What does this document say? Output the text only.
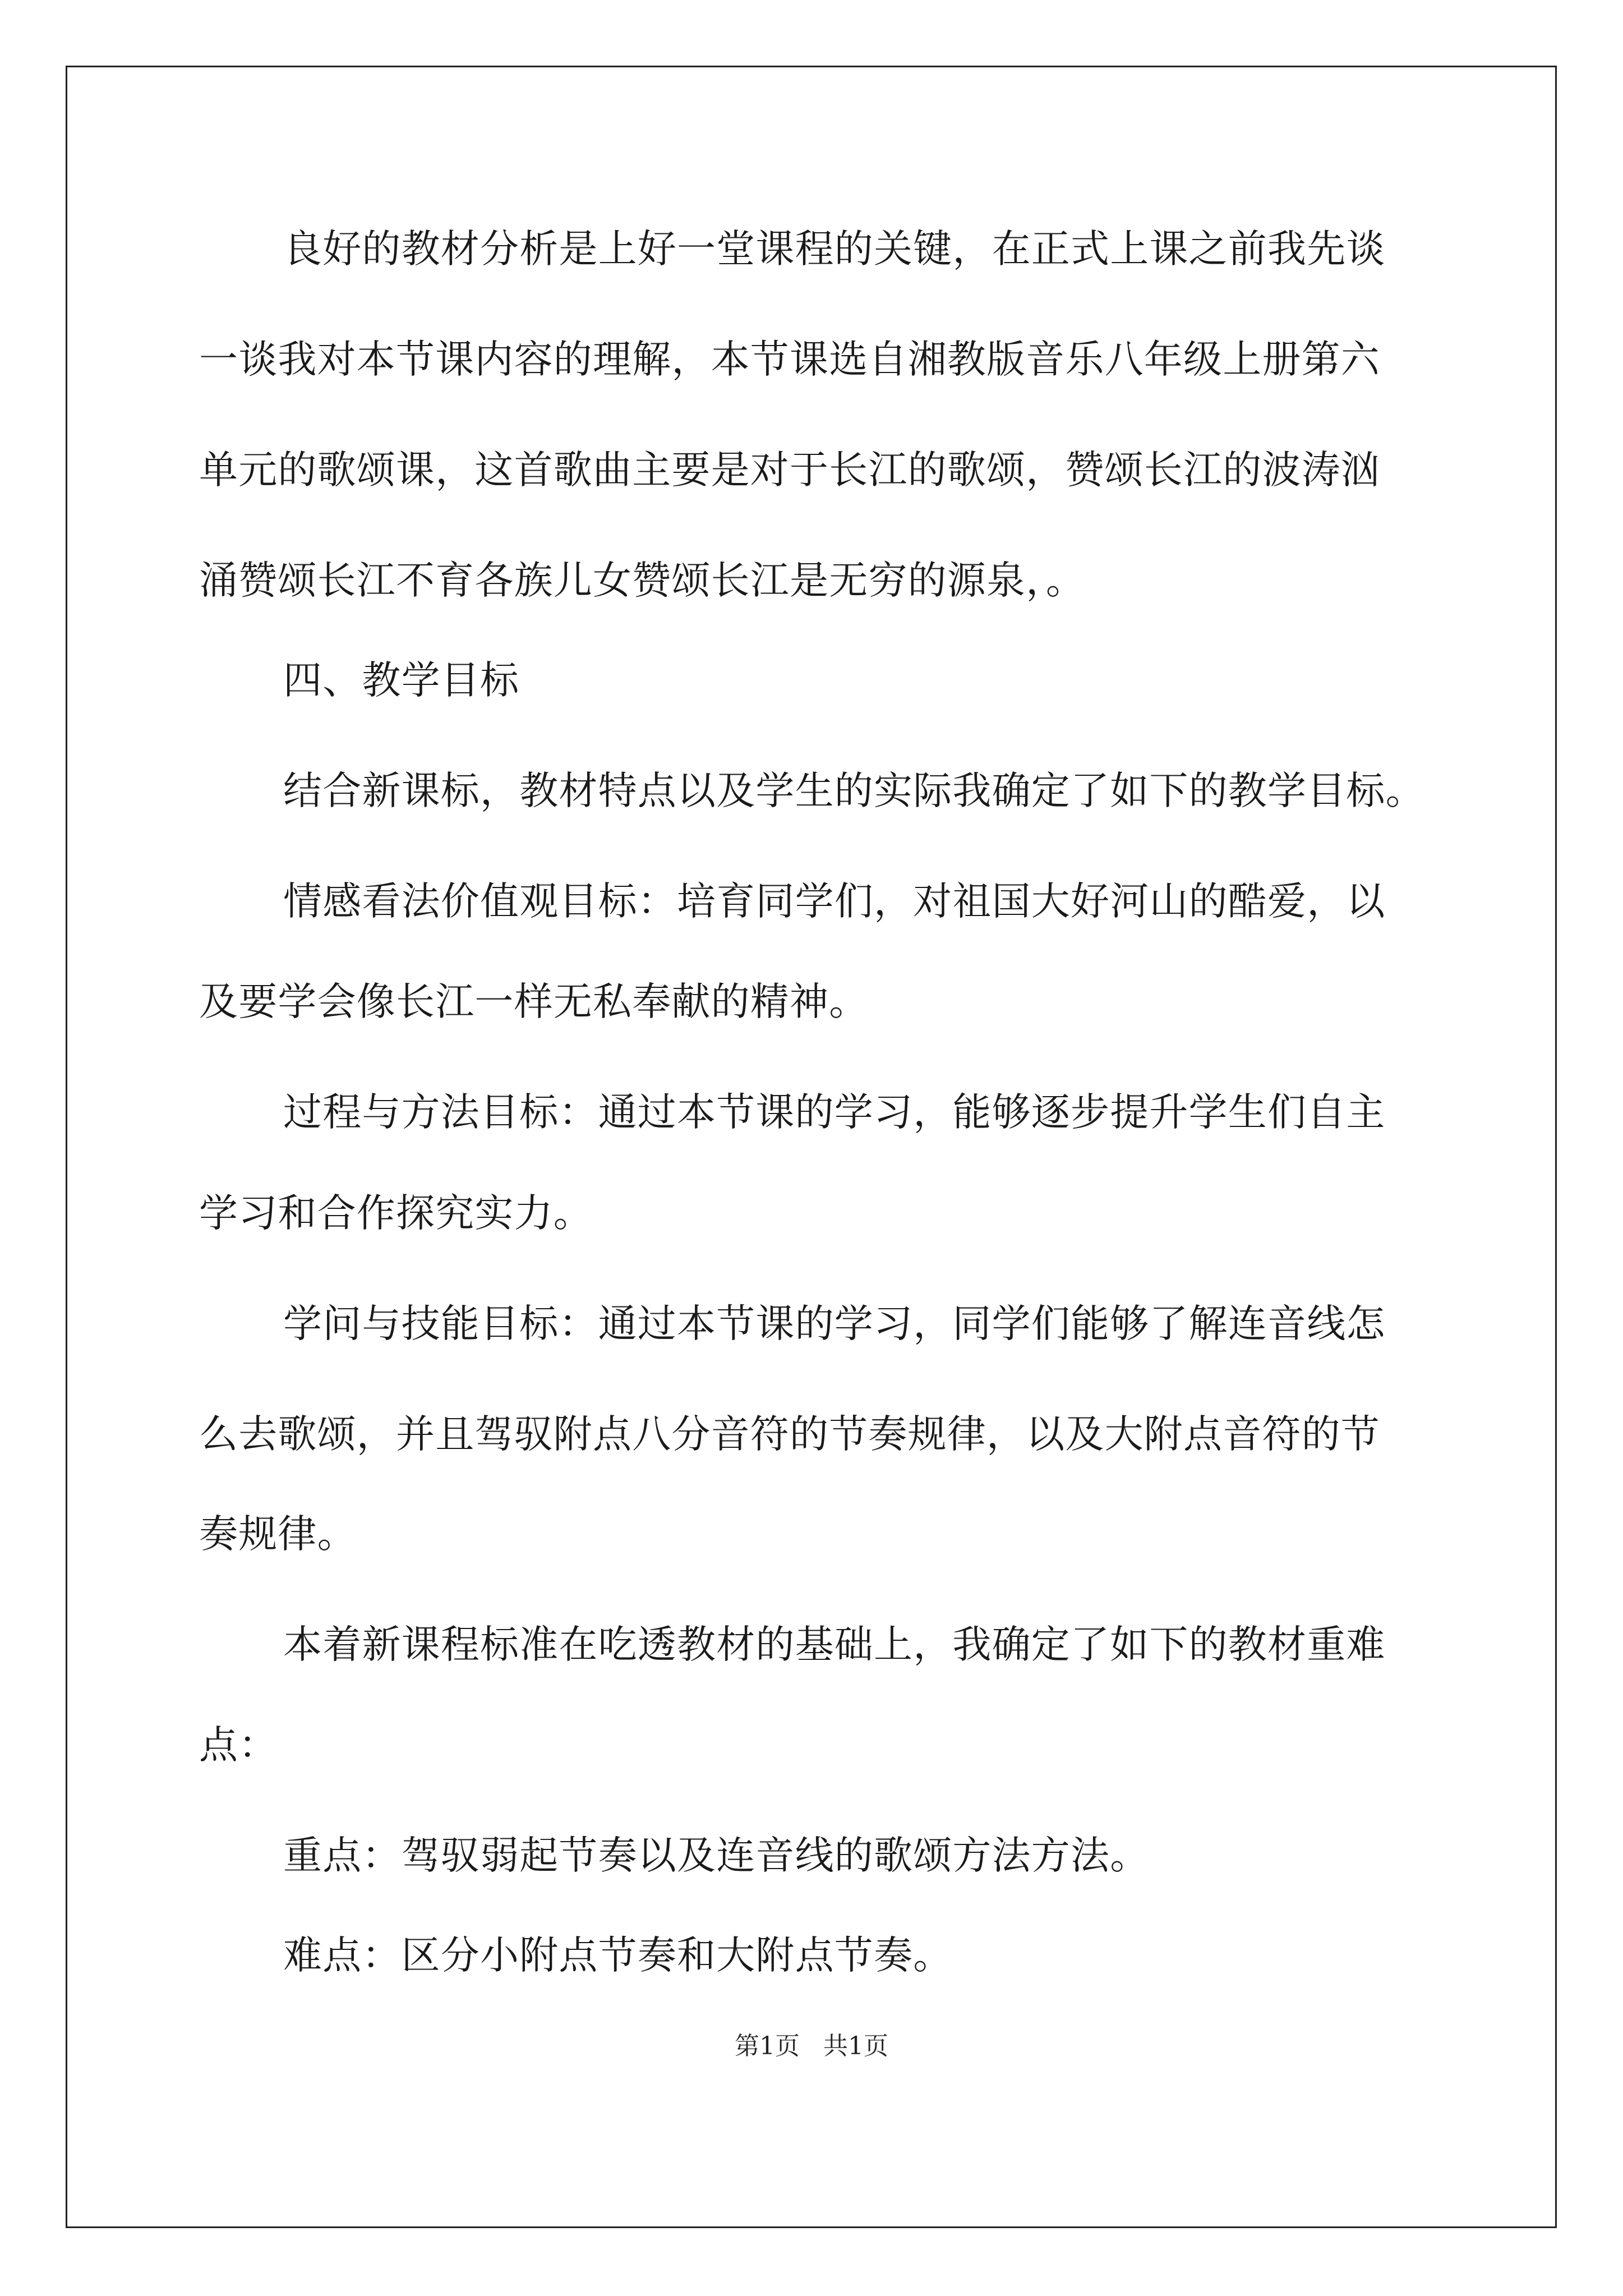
良好的教材分析是上好一堂课程的关键，在正式上课之前我先谈
一谈我对本节课内容的理解，本节课选自湘教版音乐八年级上册第六
单元的歌颂课，这首歌曲主要是对于长江的歌颂，赞颂长江的波涛汹
涌赞颂长江不育各族儿女赞颂长江是无穷的源泉，。
四、教学目标
结合新课标，教材特点以及学生的实际我确定了如下的教学目标。
情感看法价值观目标：培育同学们，对祖国大好河山的酷爱，以
及要学会像长江一样无私奉献的精神。
过程与方法目标：通过本节课的学习，能够逐步提升学生们自主
学习和合作探究实力。
学问与技能目标：通过本节课的学习，同学们能够了解连音线怎
么去歌颂，并且驾驭附点八分音符的节奏规律，以及大附点音符的节
奏规律。
本着新课程标准在吃透教材的基础上，我确定了如下的教材重难
点：
重点：驾驭弱起节奏以及连音线的歌颂方法方法。
难点：区分小附点节奏和大附点节奏。
第1页   共1页
